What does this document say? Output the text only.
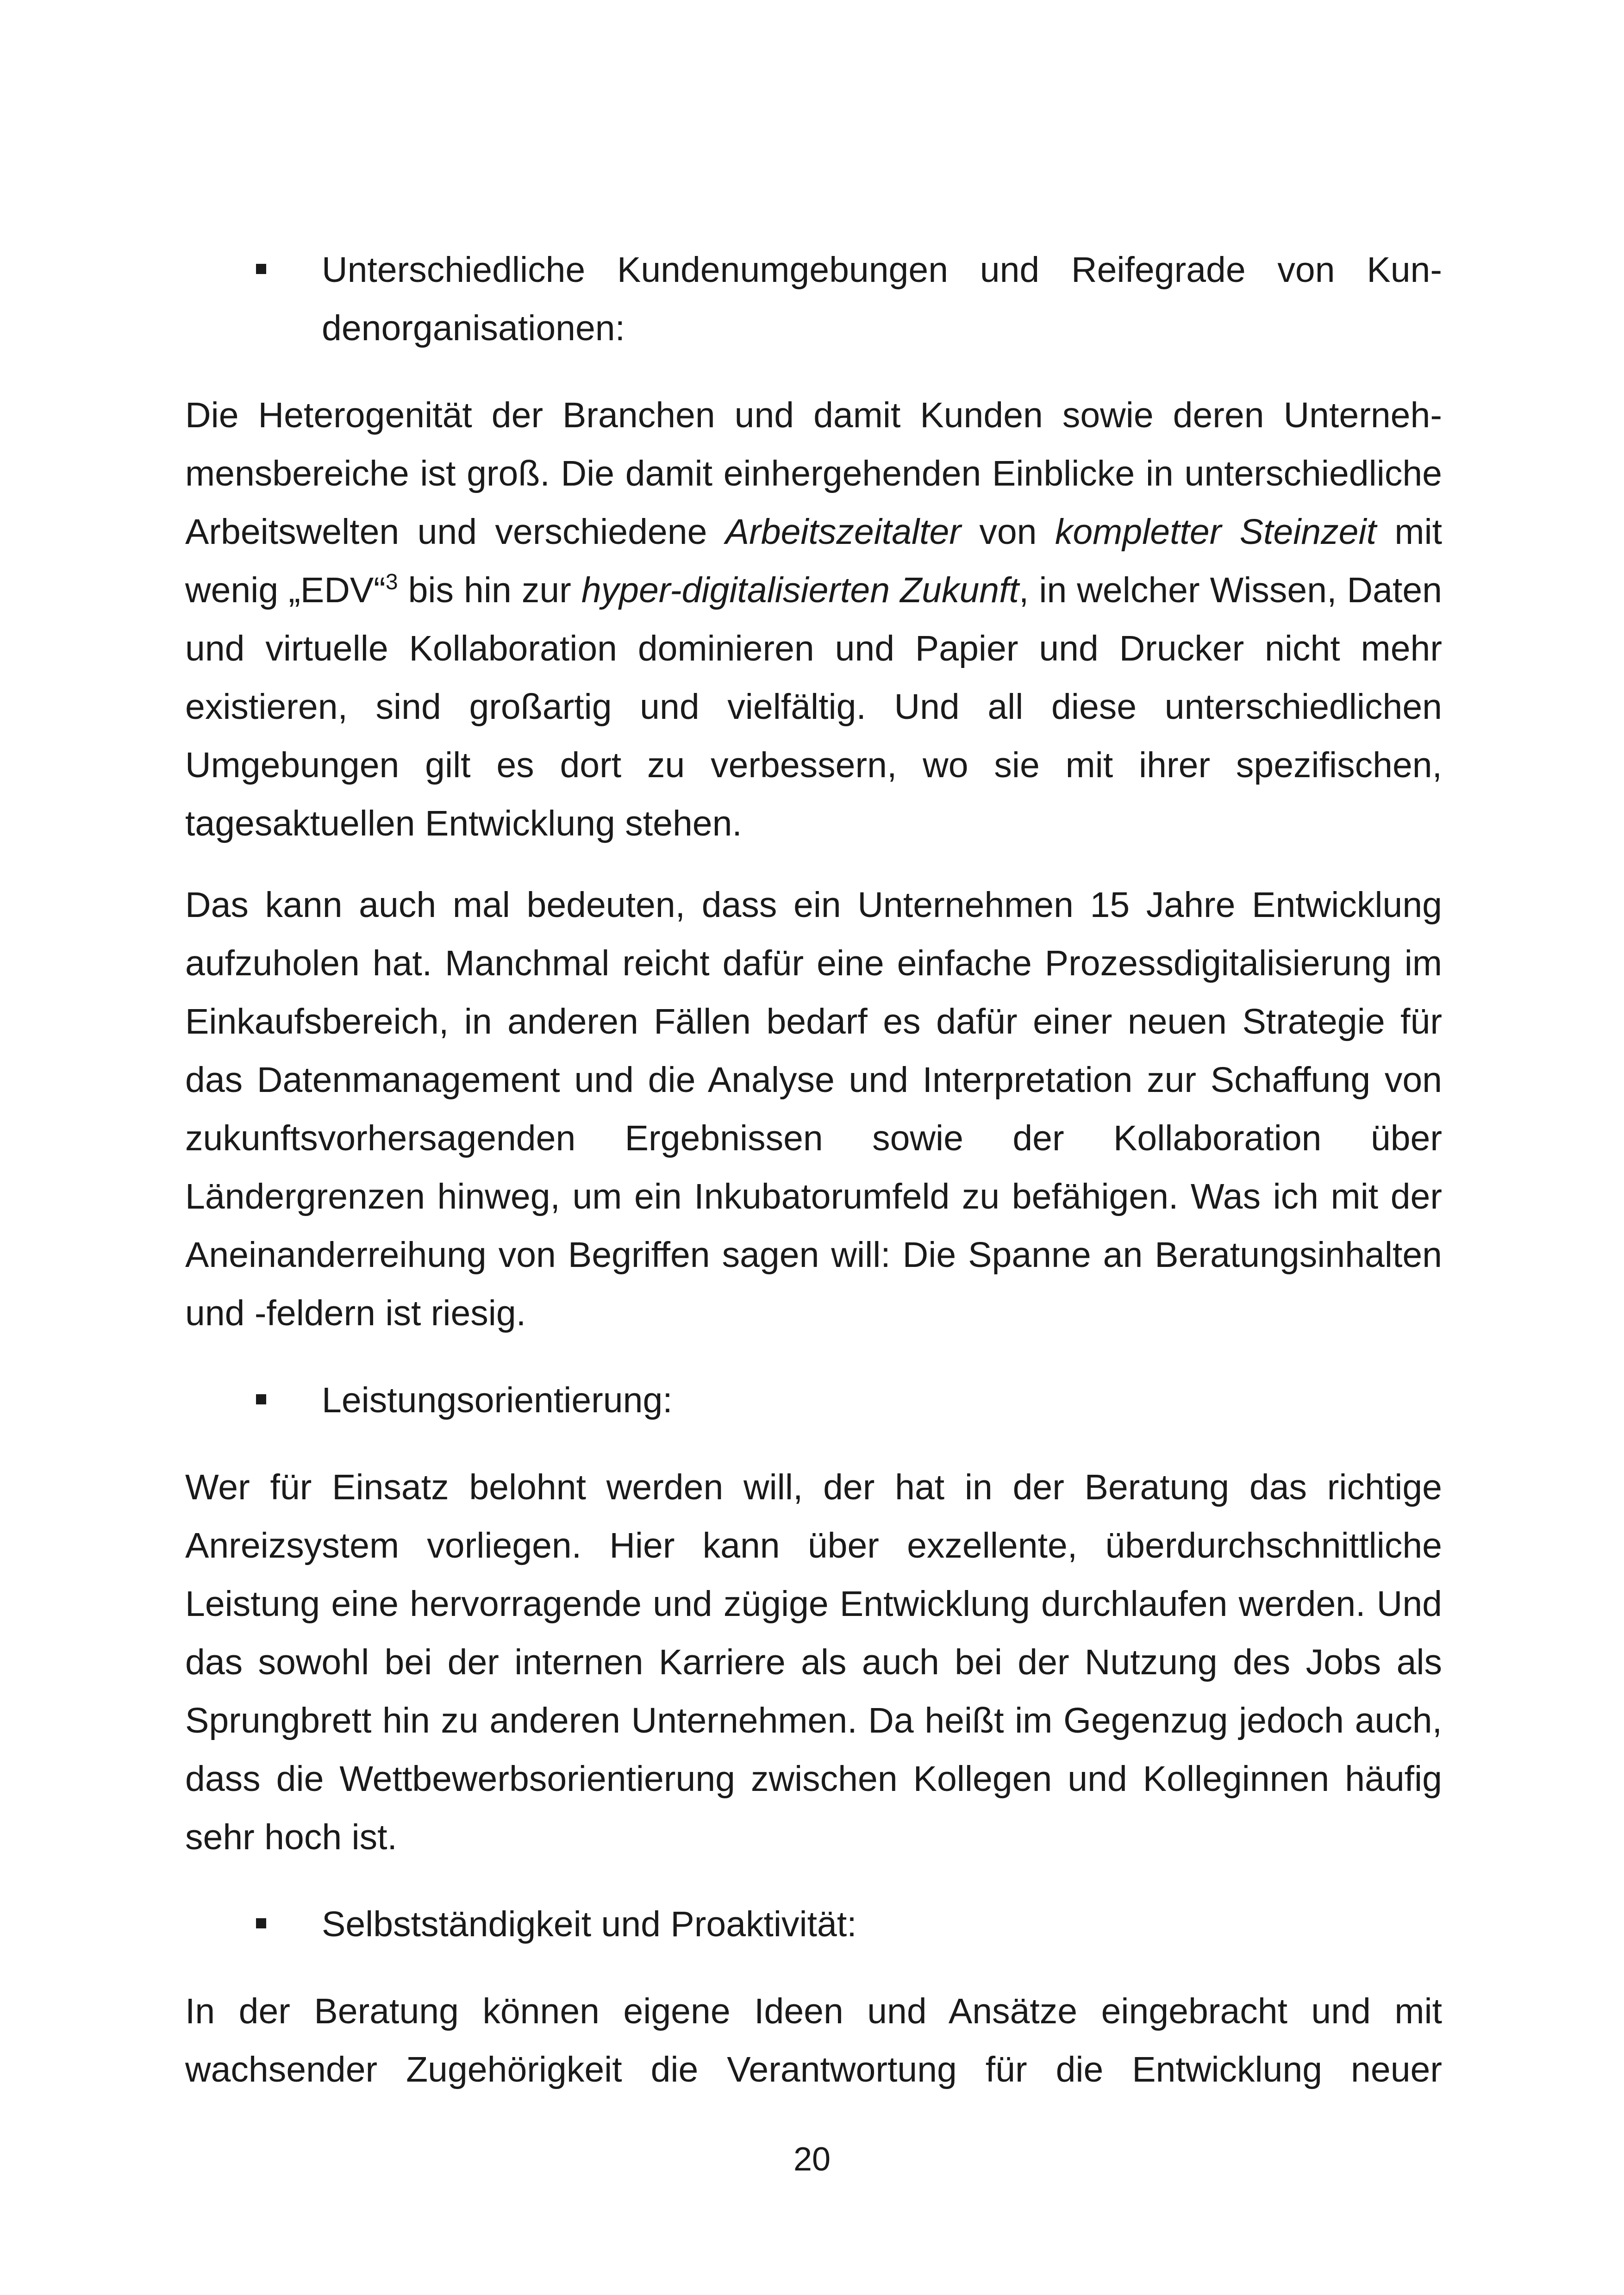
Unterschiedliche Kundenumgebungen und Reifegrade von Kundenorganisationen:

Die Heterogenität der Branchen und damit Kunden sowie deren Unternehmensbereiche ist groß. Die damit einhergehenden Einblicke in unterschiedliche Arbeitswelten und verschiedene Arbeitszeitalter von kompletter Steinzeit mit wenig „EDV“$^3$ bis hin zur hyper-digitalisierten Zukunft, in welcher Wissen, Daten und virtuelle Kollaboration dominieren und Papier und Drucker nicht mehr existieren, sind großartig und vielfältig. Und all diese unterschiedlichen Umgebungen gilt es dort zu verbessern, wo sie mit ihrer spezifischen, tagesaktuellen Entwicklung stehen.

Das kann auch mal bedeuten, dass ein Unternehmen 15 Jahre Entwicklung aufzuholen hat. Manchmal reicht dafür eine einfache Prozessdigitalisierung im Einkaufsbereich, in anderen Fällen bedarf es dafür einer neuen Strategie für das Datenmanagement und die Analyse und Interpretation zur Schaffung von zukunftsvorhersagenden Ergebnissen sowie der Kollaboration über Ländergrenzen hinweg, um ein Inkubatorumfeld zu befähigen. Was ich mit der Aneinanderreihung von Begriffen sagen will: Die Spanne an Beratungsinhalten und -feldern ist riesig.

Leistungsorientierung:

Wer für Einsatz belohnt werden will, der hat in der Beratung das richtige Anreizsystem vorliegen. Hier kann über exzellente, überdurchschnittliche Leistung eine hervorragende und zügige Entwicklung durchlaufen werden. Und das sowohl bei der internen Karriere als auch bei der Nutzung des Jobs als Sprungbrett hin zu anderen Unternehmen. Da heißt im Gegenzug jedoch auch, dass die Wettbewerbsorientierung zwischen Kollegen und Kolleginnen häufig sehr hoch ist.

Selbstständigkeit und Proaktivität:

In der Beratung können eigene Ideen und Ansätze eingebracht und mit wachsender Zugehörigkeit die Verantwortung für die Entwicklung neuer

20
